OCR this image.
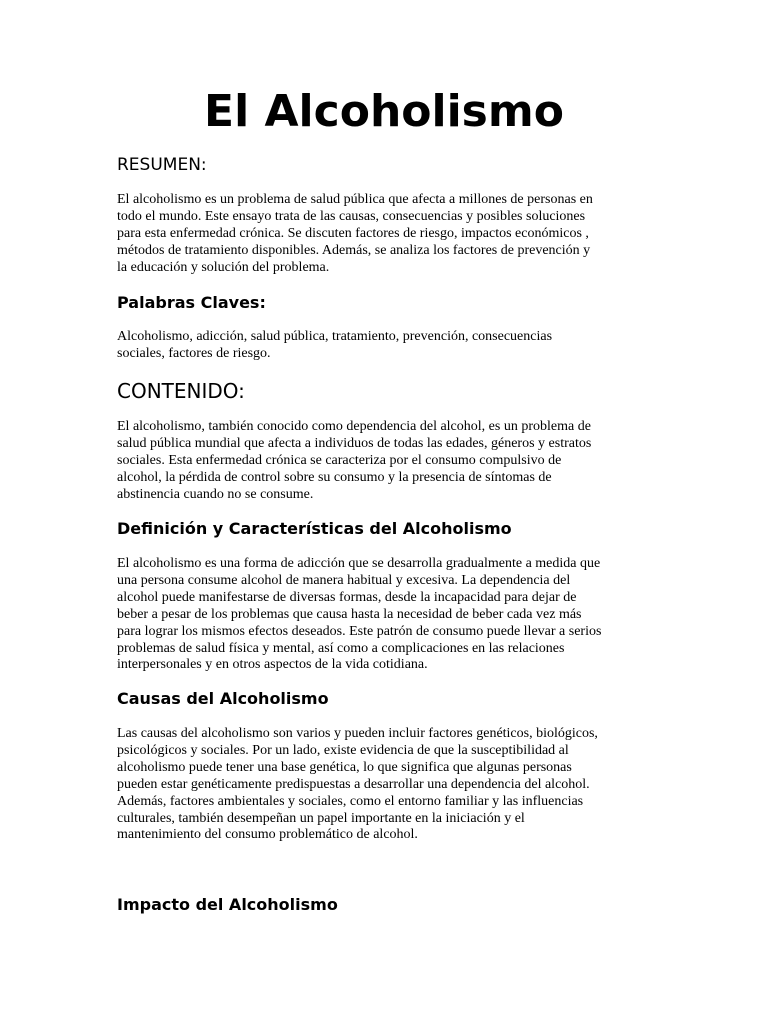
El Alcoholismo
RESUMEN:

El alcoholismo es un problema de salud pública que afecta a millones de personas en
todo el mundo. Este ensayo trata de las causas, consecuencias y posibles soluciones
para esta enfermedad crónica. Se discuten factores de riesgo, impactos económicos ,
métodos de tratamiento disponibles. Además, se analiza los factores de prevención y
la educación y solución del problema.

Palabras Claves:

Alcoholismo, adicción, salud pública, tratamiento, prevención, consecuencias
sociales, factores de riesgo.

CONTENIDO:

El alcoholismo, también conocido como dependencia del alcohol, es un problema de
salud pública mundial que afecta a individuos de todas las edades, géneros y estratos
sociales. Esta enfermedad crónica se caracteriza por el consumo compulsivo de
alcohol, la pérdida de control sobre su consumo y la presencia de síntomas de
abstinencia cuando no se consume.

Definición y Características del Alcoholismo

El alcoholismo es una forma de adicción que se desarrolla gradualmente a medida que
una persona consume alcohol de manera habitual y excesiva. La dependencia del
alcohol puede manifestarse de diversas formas, desde la incapacidad para dejar de
beber a pesar de los problemas que causa hasta la necesidad de beber cada vez más
para lograr los mismos efectos deseados. Este patrón de consumo puede llevar a serios
problemas de salud física y mental, así como a complicaciones en las relaciones
interpersonales y en otros aspectos de la vida cotidiana.

Causas del Alcoholismo

Las causas del alcoholismo son varios y pueden incluir factores genéticos, biológicos,
psicológicos y sociales. Por un lado, existe evidencia de que la susceptibilidad al
alcoholismo puede tener una base genética, lo que significa que algunas personas
pueden estar genéticamente predispuestas a desarrollar una dependencia del alcohol.
Además, factores ambientales y sociales, como el entorno familiar y las influencias
culturales, también desempeñan un papel importante en la iniciación y el
mantenimiento del consumo problemático de alcohol.

Impacto del Alcoholismo
